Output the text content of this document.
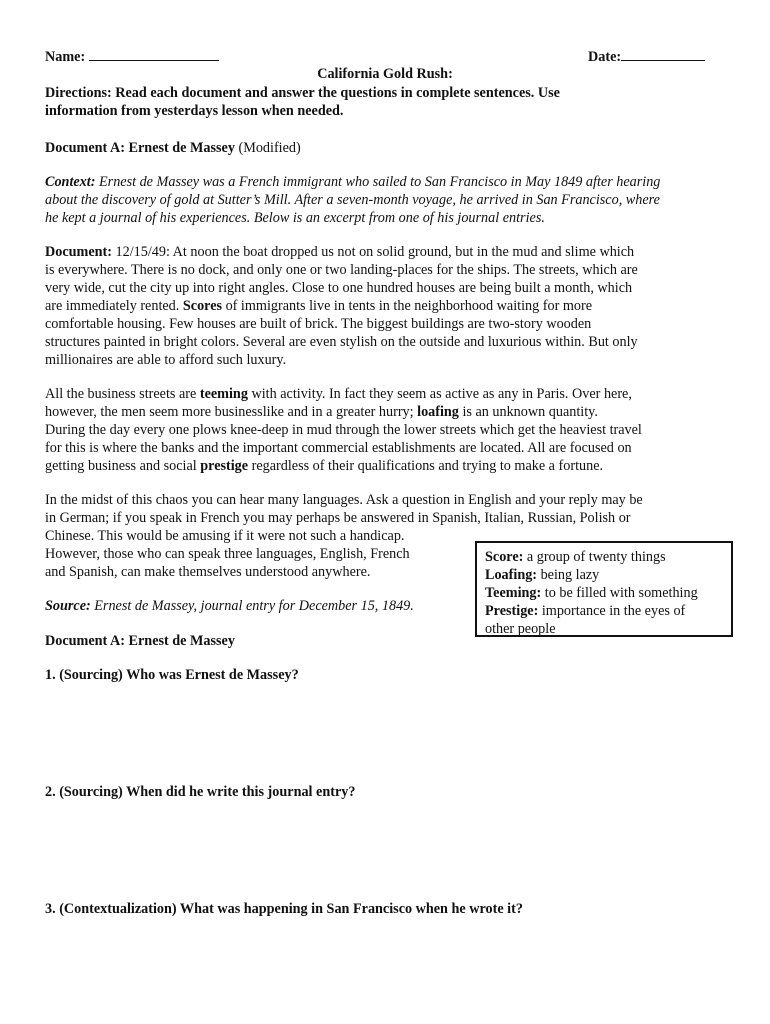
Name:	Date:
California Gold Rush:
Directions: Read each document and answer the questions in complete sentences. Use
information from yesterdays lesson when needed.
Document A: Ernest de Massey (Modified)
Context: Ernest de Massey was a French immigrant who sailed to San Francisco in May 1849 after hearing
about the discovery of gold at Sutter’s Mill. After a seven-month voyage, he arrived in San Francisco, where
he kept a journal of his experiences. Below is an excerpt from one of his journal entries.
Document: 12/15/49: At noon the boat dropped us not on solid ground, but in the mud and slime which
is everywhere. There is no dock, and only one or two landing-places for the ships. The streets, which are
very wide, cut the city up into right angles. Close to one hundred houses are being built a month, which
are immediately rented. Scores of immigrants live in tents in the neighborhood waiting for more
comfortable housing. Few houses are built of brick. The biggest buildings are two-story wooden
structures painted in bright colors. Several are even stylish on the outside and luxurious within. But only
millionaires are able to afford such luxury.
All the business streets are teeming with activity. In fact they seem as active as any in Paris. Over here,
however, the men seem more businesslike and in a greater hurry; loafing is an unknown quantity.
During the day every one plows knee-deep in mud through the lower streets which get the heaviest travel
for this is where the banks and the important commercial establishments are located. All are focused on
getting business and social prestige regardless of their qualifications and trying to make a fortune.
In the midst of this chaos you can hear many languages. Ask a question in English and your reply may be
in German; if you speak in French you may perhaps be answered in Spanish, Italian, Russian, Polish or
Chinese. This would be amusing if it were not such a handicap.
However, those who can speak three languages, English, French
and Spanish, can make themselves understood anywhere.
Source: Ernest de Massey, journal entry for December 15, 1849.
Score: a group of twenty things
Loafing: being lazy
Teeming: to be filled with something
Prestige: importance in the eyes of
other people
Document A: Ernest de Massey
1. (Sourcing) Who was Ernest de Massey?
2. (Sourcing) When did he write this journal entry?
3. (Contextualization) What was happening in San Francisco when he wrote it?
